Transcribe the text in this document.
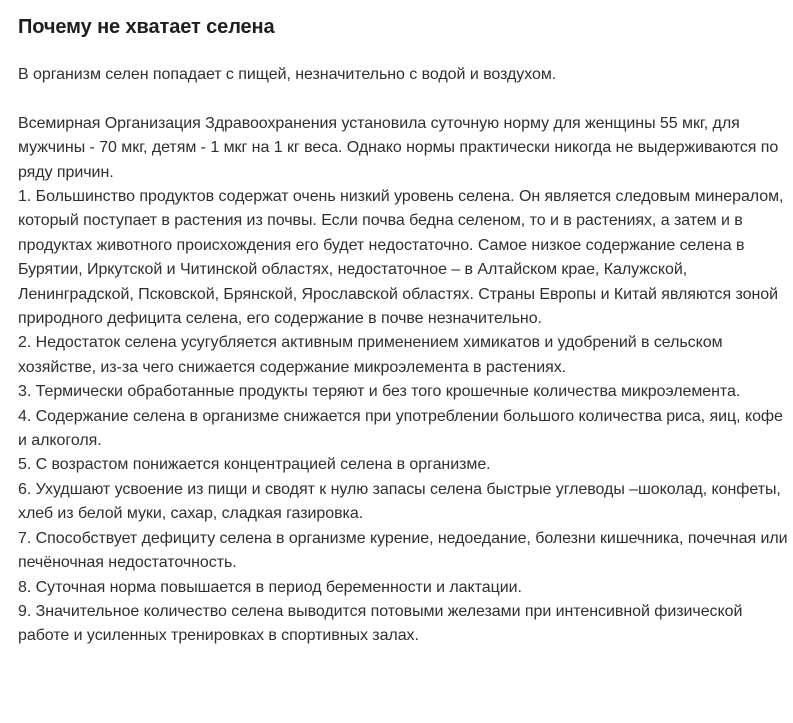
Почему не хватает селена

В организм селен попадает с пищей, незначительно с водой и воздухом.

Всемирная Организация Здравоохранения установила суточную норму для женщины 55 мкг, для мужчины - 70 мкг, детям - 1 мкг на 1 кг веса. Однако нормы практически никогда не выдерживаются по ряду причин.

1. Большинство продуктов содержат очень низкий уровень селена. Он является следовым минералом, который поступает в растения из почвы. Если почва бедна селеном, то и в растениях, а затем и в продуктах животного происхождения его будет недостаточно. Самое низкое содержание селена в Бурятии, Иркутской и Читинской областях, недостаточное – в Алтайском крае, Калужской, Ленинградской, Псковской, Брянской, Ярославской областях. Страны Европы и Китай являются зоной природного дефицита селена, его содержание в почве незначительно.

2. Недостаток селена усугубляется активным применением химикатов и удобрений в сельском хозяйстве, из-за чего снижается содержание микроэлемента в растениях.

3. Термически обработанные продукты теряют и без того крошечные количества микроэлемента.

4. Содержание селена в организме снижается при употреблении большого количества риса, яиц, кофе и алкоголя.

5. С возрастом понижается концентрацией селена в организме.

6. Ухудшают усвоение из пищи и сводят к нулю запасы селена быстрые углеводы –шоколад, конфеты, хлеб из белой муки, сахар, сладкая газировка.

7. Способствует дефициту селена в организме курение, недоедание, болезни кишечника, почечная или печёночная недостаточность.

8. Суточная норма повышается в период беременности и лактации.

9. Значительное количество селена выводится потовыми железами при интенсивной физической работе и усиленных тренировках в спортивных залах.
